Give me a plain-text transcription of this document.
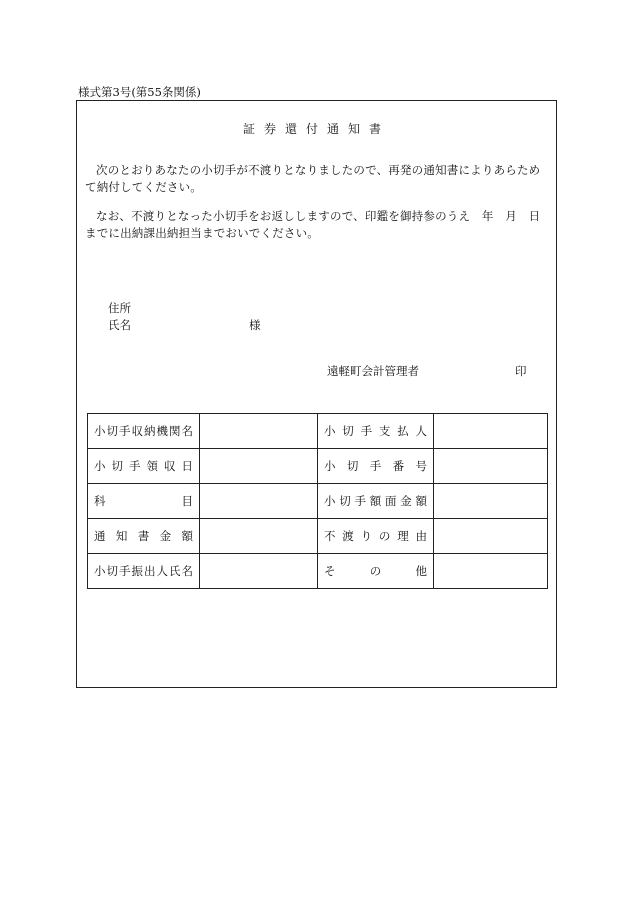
様式第3号(第55条関係)
証券還付通知書
次のとおりあなたの小切手が不渡りとなりましたので、再発の通知書によりあらためて納付してください。
なお、不渡りとなった小切手をお返ししますので、印鑑を御持参のうえ　年　月　日までに出納課出納担当までおいでください。
住所
氏名	様
遠軽町会計管理者	印
小切手収納機関名		小切手支払人	
小切手領収日		小切手番号	
科目		小切手額面金額	
通知書金額		不渡りの理由	
小切手振出人氏名		その他	
